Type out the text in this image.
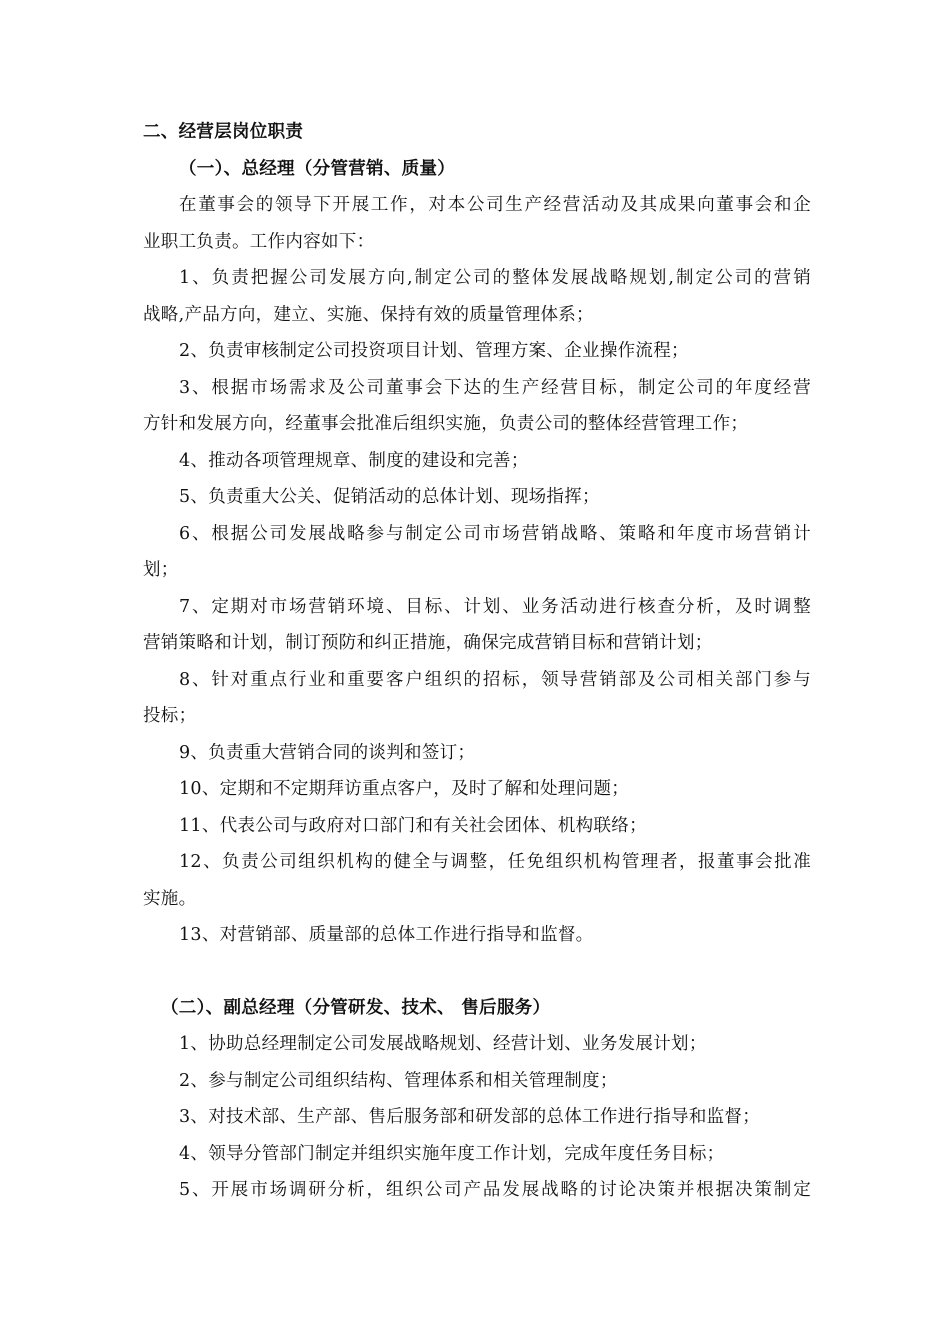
二、经营层岗位职责
（一）、总经理（分管营销、质量）
在董事会的领导下开展工作，对本公司生产经营活动及其成果向董事会和企
业职工负责。工作内容如下：
1、负责把握公司发展方向,制定公司的整体发展战略规划,制定公司的营销
战略,产品方向，建立、实施、保持有效的质量管理体系；
2、负责审核制定公司投资项目计划、管理方案、企业操作流程；
3、根据市场需求及公司董事会下达的生产经营目标，制定公司的年度经营
方针和发展方向，经董事会批准后组织实施，负责公司的整体经营管理工作；
4、推动各项管理规章、制度的建设和完善；
5、负责重大公关、促销活动的总体计划、现场指挥；
6、根据公司发展战略参与制定公司市场营销战略、策略和年度市场营销计
划；
7、定期对市场营销环境、目标、计划、业务活动进行核查分析，及时调整
营销策略和计划，制订预防和纠正措施，确保完成营销目标和营销计划；
8、针对重点行业和重要客户组织的招标，领导营销部及公司相关部门参与
投标；
9、负责重大营销合同的谈判和签订；
10、定期和不定期拜访重点客户，及时了解和处理问题；
11、代表公司与政府对口部门和有关社会团体、机构联络；
12、负责公司组织机构的健全与调整，任免组织机构管理者，报董事会批准
实施。
13、对营销部、质量部的总体工作进行指导和监督。
（二）、副总经理（分管研发、技术、 售后服务）
1、协助总经理制定公司发展战略规划、经营计划、业务发展计划；
2、参与制定公司组织结构、管理体系和相关管理制度；
3、对技术部、生产部、售后服务部和研发部的总体工作进行指导和监督；
4、领导分管部门制定并组织实施年度工作计划，完成年度任务目标；
5、开展市场调研分析，组织公司产品发展战略的讨论决策并根据决策制定
